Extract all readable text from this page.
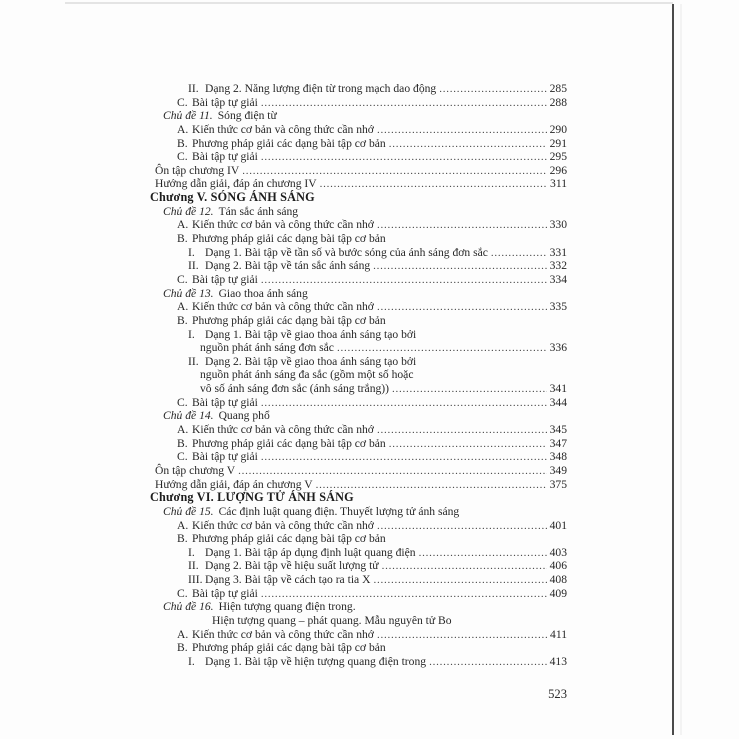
II. Dạng 2. Năng lượng điện từ trong mạch dao động . . .	285
C. Bài tập tự giải . . .	288
Chủ đề 11. Sóng điện từ
A. Kiến thức cơ bản và công thức cần nhớ . . .	290
B. Phương pháp giải các dạng bài tập cơ bản . . .	291
C. Bài tập tự giải . . .	295
Ôn tập chương IV . . .	296
Hướng dẫn giải, đáp án chương IV . . .	311
Chương V. SÓNG ÁNH SÁNG
Chủ đề 12. Tán sắc ánh sáng
A. Kiến thức cơ bản và công thức cần nhớ . . .	330
B. Phương pháp giải các dạng bài tập cơ bản
I. Dạng 1. Bài tập về tần số và bước sóng của ánh sáng đơn sắc . . .	331
II. Dạng 2. Bài tập về tán sắc ánh sáng . . .	332
C. Bài tập tự giải . . .	334
Chủ đề 13. Giao thoa ánh sáng
A. Kiến thức cơ bản và công thức cần nhớ . . .	335
B. Phương pháp giải các dạng bài tập cơ bản
I. Dạng 1. Bài tập về giao thoa ánh sáng tạo bởi
nguồn phát ánh sáng đơn sắc . . .	336
II. Dạng 2. Bài tập về giao thoa ánh sáng tạo bởi
nguồn phát ánh sáng đa sắc (gồm một số hoặc
vô số ánh sáng đơn sắc (ánh sáng trắng)) . . .	341
C. Bài tập tự giải . . .	344
Chủ đề 14. Quang phổ
A. Kiến thức cơ bản và công thức cần nhớ . . .	345
B. Phương pháp giải các dạng bài tập cơ bản . . .	347
C. Bài tập tự giải . . .	348
Ôn tập chương V . . .	349
Hướng dẫn giải, đáp án chương V . . .	375
Chương VI. LƯỢNG TỬ ÁNH SÁNG
Chủ đề 15. Các định luật quang điện. Thuyết lượng tử ánh sáng
A. Kiến thức cơ bản và công thức cần nhớ . . .	401
B. Phương pháp giải các dạng bài tập cơ bản
I. Dạng 1. Bài tập áp dụng định luật quang điện . . .	403
II. Dạng 2. Bài tập về hiệu suất lượng tử . . .	406
III. Dạng 3. Bài tập về cách tạo ra tia X . . .	408
C. Bài tập tự giải . . .	409
Chủ đề 16. Hiện tượng quang điện trong.
Hiện tượng quang – phát quang. Mẫu nguyên tử Bo
A. Kiến thức cơ bản và công thức cần nhớ . . .	411
B. Phương pháp giải các dạng bài tập cơ bản
I. Dạng 1. Bài tập về hiện tượng quang điện trong . . .	413
523
